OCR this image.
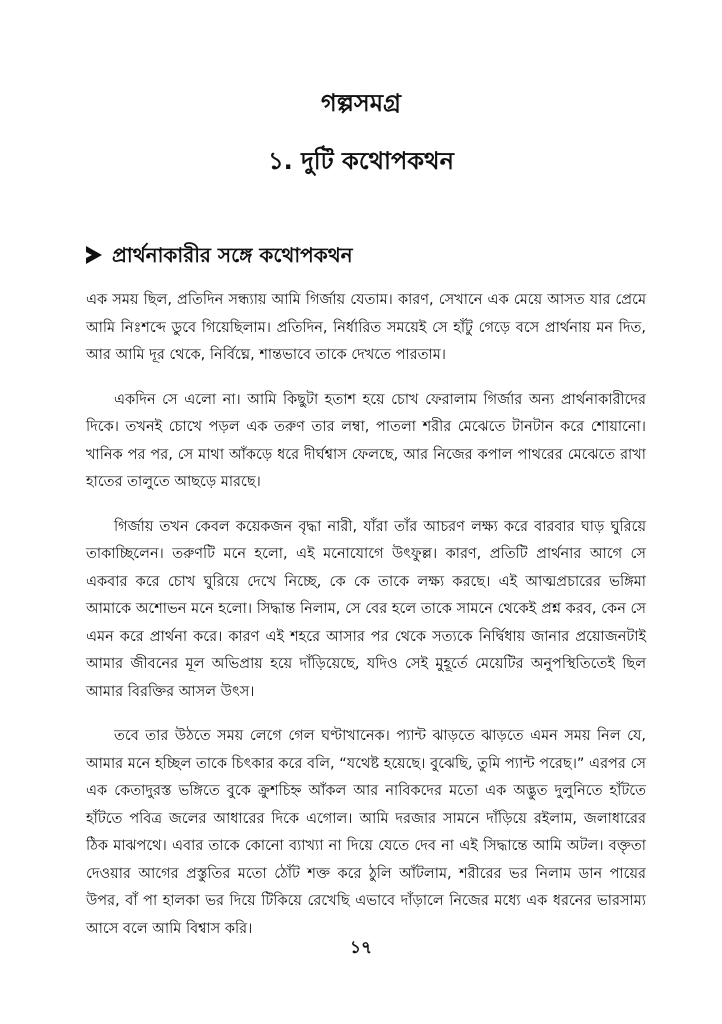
গল্পসমগ্র
১. দুটি কথোপকথন
প্রার্থনাকারীর সঙ্গে কথোপকথন

এক সময় ছিল, প্রতিদিন সন্ধ্যায় আমি গির্জায় যেতাম। কারণ, সেখানে এক মেয়ে আসত যার প্রেমে আমি নিঃশব্দে ডুবে গিয়েছিলাম। প্রতিদিন, নির্ধারিত সময়েই সে হাঁটু গেড়ে বসে প্রার্থনায় মন দিত, আর আমি দূর থেকে, নির্বিঘ্নে, শান্তভাবে তাকে দেখতে পারতাম।

একদিন সে এলো না। আমি কিছুটা হতাশ হয়ে চোখ ফেরালাম গির্জার অন্য প্রার্থনাকারীদের দিকে। তখনই চোখে পড়ল এক তরুণ তার লম্বা, পাতলা শরীর মেঝেতে টানটান করে শোয়ানো। খানিক পর পর, সে মাথা আঁকড়ে ধরে দীর্ঘশ্বাস ফেলছে, আর নিজের কপাল পাথরের মেঝেতে রাখা হাতের তালুতে আছড়ে মারছে।

গির্জায় তখন কেবল কয়েকজন বৃদ্ধা নারী, যাঁরা তাঁর আচরণ লক্ষ্য করে বারবার ঘাড় ঘুরিয়ে তাকাচ্ছিলেন। তরুণটি মনে হলো, এই মনোযোগে উৎফুল্ল। কারণ, প্রতিটি প্রার্থনার আগে সে একবার করে চোখ ঘুরিয়ে দেখে নিচ্ছে, কে কে তাকে লক্ষ্য করছে। এই আত্মপ্রচারের ভঙ্গিমা আমাকে অশোভন মনে হলো। সিদ্ধান্ত নিলাম, সে বের হলে তাকে সামনে থেকেই প্রশ্ন করব, কেন সে এমন করে প্রার্থনা করে। কারণ এই শহরে আসার পর থেকে সত্যকে নির্দ্বিধায় জানার প্রয়োজনটাই আমার জীবনের মূল অভিপ্রায় হয়ে দাঁড়িয়েছে, যদিও সেই মুহূর্তে মেয়েটির অনুপস্থিতিতেই ছিল আমার বিরক্তির আসল উৎস।

তবে তার উঠতে সময় লেগে গেল ঘণ্টাখানেক। প্যান্ট ঝাড়তে ঝাড়তে এমন সময় নিল যে, আমার মনে হচ্ছিল তাকে চিৎকার করে বলি, “যথেষ্ট হয়েছে। বুঝেছি, তুমি প্যান্ট পরেছ।” এরপর সে এক কেতাদুরস্ত ভঙ্গিতে বুকে ক্রুশচিহ্ন আঁকল আর নাবিকদের মতো এক অদ্ভুত দুলুনিতে হাঁটতে হাঁটতে পবিত্র জলের আধারের দিকে এগোল। আমি দরজার সামনে দাঁড়িয়ে রইলাম, জলাধারের ঠিক মাঝপথে। এবার তাকে কোনো ব্যাখ্যা না দিয়ে যেতে দেব না এই সিদ্ধান্তে আমি অটল। বক্তৃতা দেওয়ার আগের প্রস্তুতির মতো ঠোঁট শক্ত করে ঠুলি আঁটলাম, শরীরের ভর নিলাম ডান পায়ের উপর, বাঁ পা হালকা ভর দিয়ে টিকিয়ে রেখেছি এভাবে দাঁড়ালে নিজের মধ্যে এক ধরনের ভারসাম্য আসে বলে আমি বিশ্বাস করি।

১৭
